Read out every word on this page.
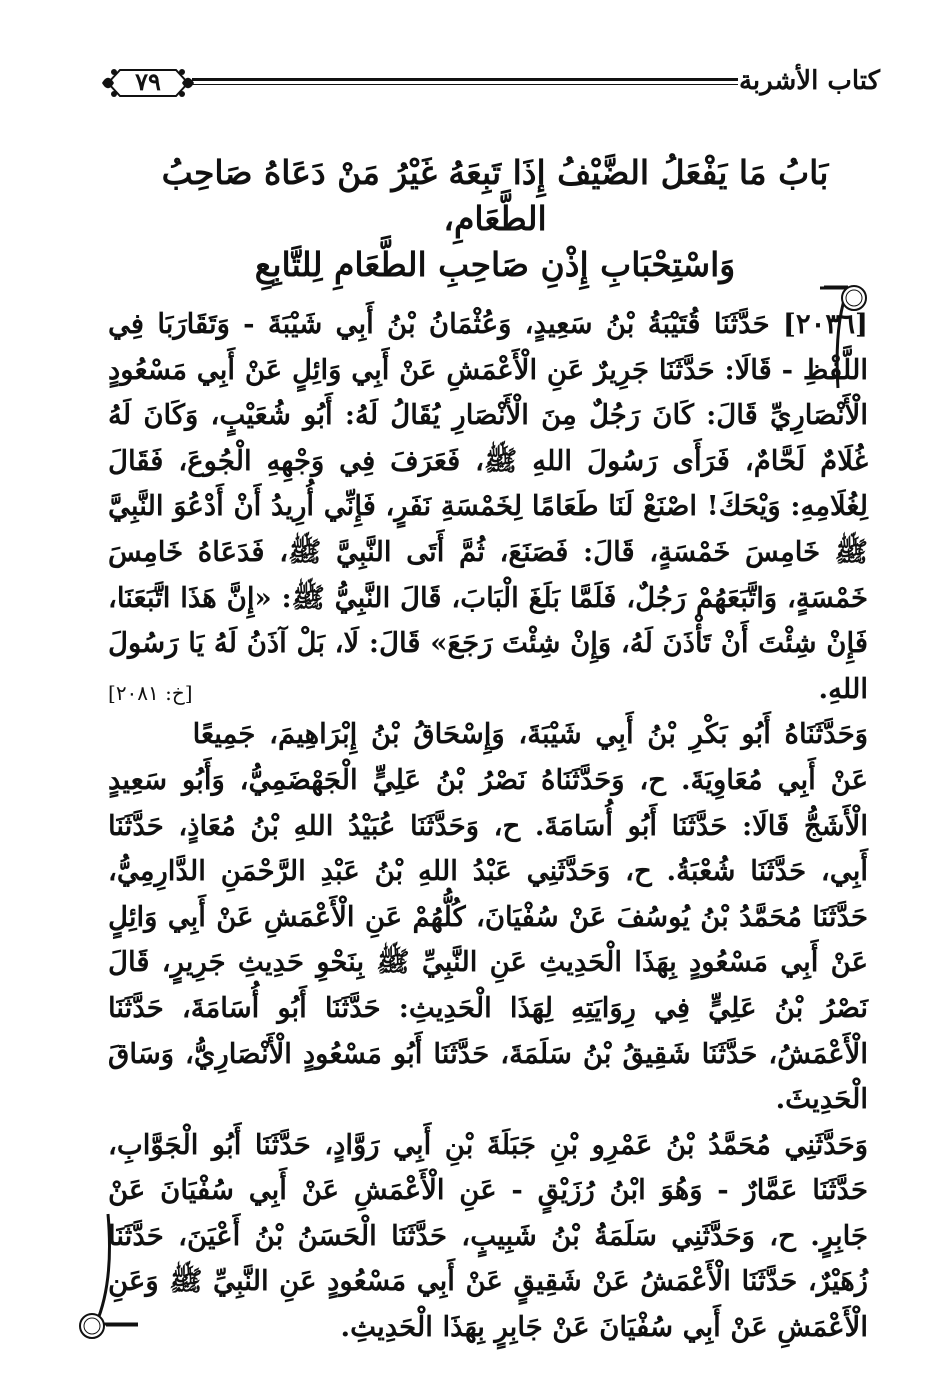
كتاب الأشربة
٧٩
بَابُ مَا يَفْعَلُ الضَّيْفُ إِذَا تَبِعَهُ غَيْرُ مَنْ دَعَاهُ صَاحِبُ الطَّعَامِ،
وَاسْتِحْبَابِ إِذْنِ صَاحِبِ الطَّعَامِ لِلتَّابِعِ

[٢٠٣٦] حَدَّثَنَا قُتَيْبَةُ بْنُ سَعِيدٍ، وَعُثْمَانُ بْنُ أَبِي شَيْبَةَ - وَتَقَارَبَا فِي اللَّفْظِ - قَالَا: حَدَّثَنَا جَرِيرٌ عَنِ الْأَعْمَشِ عَنْ أَبِي وَائِلٍ عَنْ أَبِي مَسْعُودٍ الْأَنْصَارِيِّ قَالَ: كَانَ رَجُلٌ مِنَ الْأَنْصَارِ يُقَالُ لَهُ: أَبُو شُعَيْبٍ، وَكَانَ لَهُ غُلَامٌ لَحَّامٌ، فَرَأَى رَسُولَ اللهِ ﷺ، فَعَرَفَ فِي وَجْهِهِ الْجُوعَ، فَقَالَ لِغُلَامِهِ: وَيْحَكَ! اصْنَعْ لَنَا طَعَامًا لِخَمْسَةِ نَفَرٍ، فَإِنِّي أُرِيدُ أَنْ أَدْعُوَ النَّبِيَّ ﷺ خَامِسَ خَمْسَةٍ، قَالَ: فَصَنَعَ، ثُمَّ أَتَى النَّبِيَّ ﷺ، فَدَعَاهُ خَامِسَ خَمْسَةٍ، وَاتَّبَعَهُمْ رَجُلٌ، فَلَمَّا بَلَغَ الْبَابَ، قَالَ النَّبِيُّ ﷺ: «إِنَّ هَذَا اتَّبَعَنَا، فَإِنْ شِئْتَ أَنْ تَأْذَنَ لَهُ، وَإِنْ شِئْتَ رَجَعَ» قَالَ: لَا، بَلْ آذَنُ لَهُ يَا رَسُولَ اللهِ.
[خ: ٢٠٨١]

وَحَدَّثَنَاهُ أَبُو بَكْرِ بْنُ أَبِي شَيْبَةَ، وَإِسْحَاقُ بْنُ إِبْرَاهِيمَ، جَمِيعًا عَنْ أَبِي مُعَاوِيَةَ. ح، وَحَدَّثَنَاهُ نَصْرُ بْنُ عَلِيٍّ الْجَهْضَمِيُّ، وَأَبُو سَعِيدٍ الْأَشَجُّ قَالَا: حَدَّثَنَا أَبُو أُسَامَةَ. ح، وَحَدَّثَنَا عُبَيْدُ اللهِ بْنُ مُعَاذٍ، حَدَّثَنَا أَبِي، حَدَّثَنَا شُعْبَةُ. ح، وَحَدَّثَنِي عَبْدُ اللهِ بْنُ عَبْدِ الرَّحْمَنِ الدَّارِمِيُّ، حَدَّثَنَا مُحَمَّدُ بْنُ يُوسُفَ عَنْ سُفْيَانَ، كُلُّهُمْ عَنِ الْأَعْمَشِ عَنْ أَبِي وَائِلٍ عَنْ أَبِي مَسْعُودٍ بِهَذَا الْحَدِيثِ عَنِ النَّبِيِّ ﷺ بِنَحْوِ حَدِيثِ جَرِيرٍ، قَالَ نَصْرُ بْنُ عَلِيٍّ فِي رِوَايَتِهِ لِهَذَا الْحَدِيثِ: حَدَّثَنَا أَبُو أُسَامَةَ، حَدَّثَنَا الْأَعْمَشُ، حَدَّثَنَا شَقِيقُ بْنُ سَلَمَةَ، حَدَّثَنَا أَبُو مَسْعُودٍ الْأَنْصَارِيُّ، وَسَاقَ الْحَدِيثَ.

وَحَدَّثَنِي مُحَمَّدُ بْنُ عَمْرِو بْنِ جَبَلَةَ بْنِ أَبِي رَوَّادٍ، حَدَّثَنَا أَبُو الْجَوَّابِ، حَدَّثَنَا عَمَّارٌ - وَهُوَ ابْنُ رُزَيْقٍ - عَنِ الْأَعْمَشِ عَنْ أَبِي سُفْيَانَ عَنْ جَابِرٍ. ح، وَحَدَّثَنِي سَلَمَةُ بْنُ شَبِيبٍ، حَدَّثَنَا الْحَسَنُ بْنُ أَعْيَنَ، حَدَّثَنَا زُهَيْرٌ، حَدَّثَنَا الْأَعْمَشُ عَنْ شَقِيقٍ عَنْ أَبِي مَسْعُودٍ عَنِ النَّبِيِّ ﷺ وَعَنِ الْأَعْمَشِ عَنْ أَبِي سُفْيَانَ عَنْ جَابِرٍ بِهَذَا الْحَدِيثِ.
